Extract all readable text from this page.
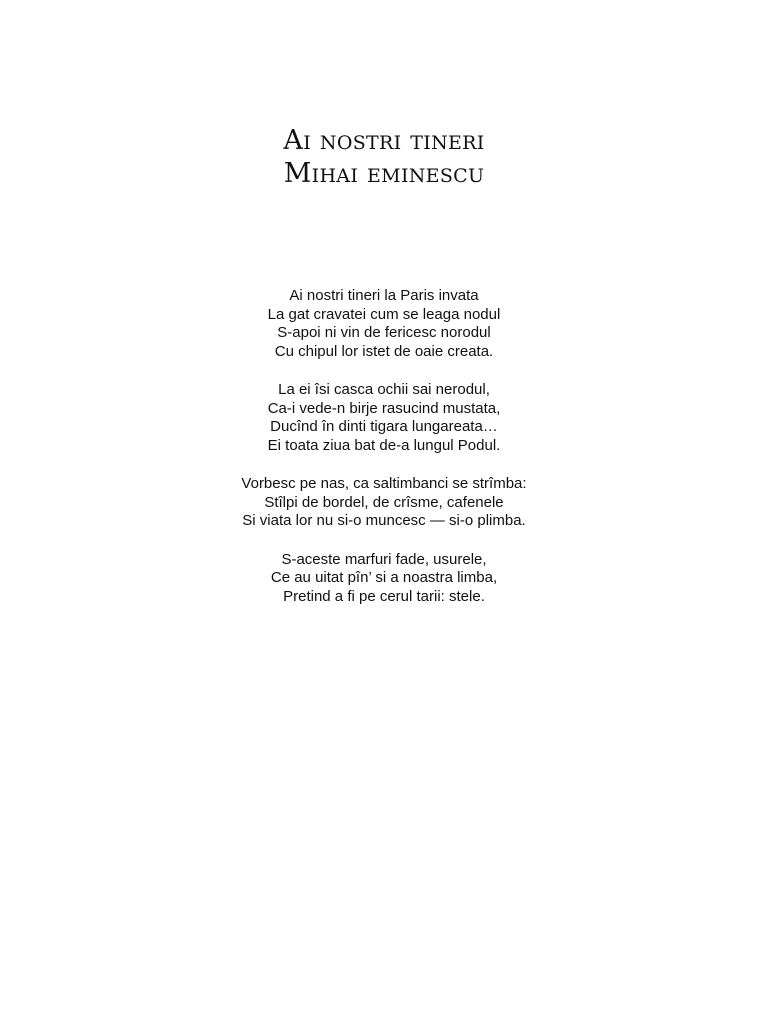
Ai nostri tineri
Mihai eminescu
Ai nostri tineri la Paris invata
La gat cravatei cum se leaga nodul
S-apoi ni vin de fericesc norodul
Cu chipul lor istet de oaie creata.
La ei îsi casca ochii sai nerodul,
Ca-i vede-n birje rasucind mustata,
Ducînd în dinti tigara lungareata…
Ei toata ziua bat de-a lungul Podul.
Vorbesc pe nas, ca saltimbanci se strîmba:
Stîlpi de bordel, de crîsme, cafenele
Si viata lor nu si-o muncesc — si-o plimba.
S-aceste marfuri fade, usurele,
Ce au uitat pîn’ si a noastra limba,
Pretind a fi pe cerul tarii: stele.
